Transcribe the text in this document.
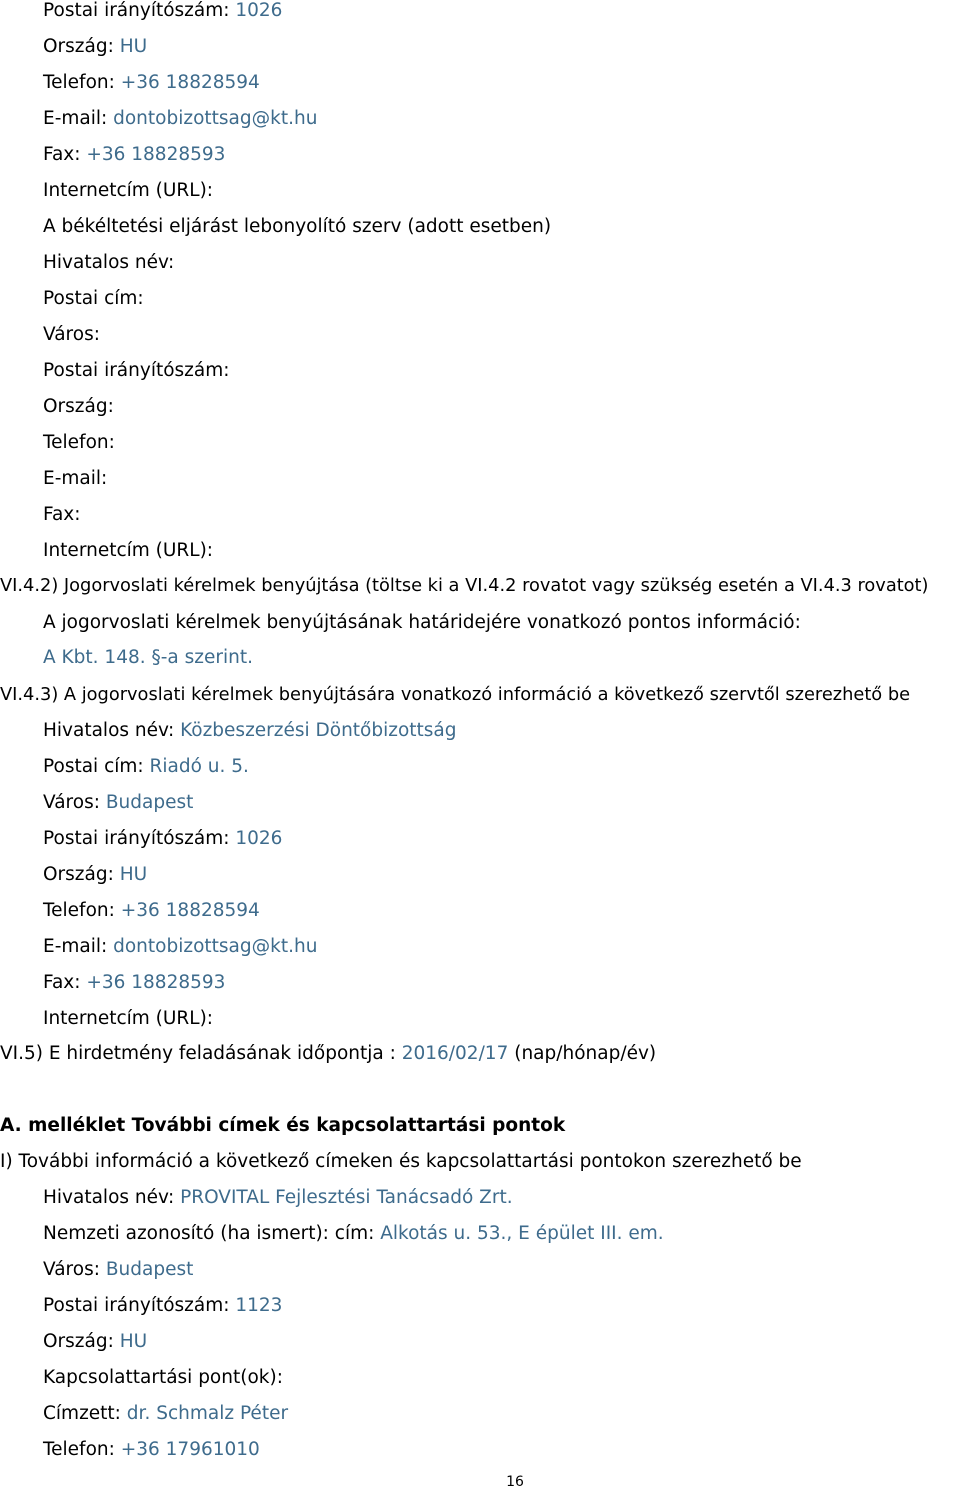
Postai irányítószám: 1026
Ország: HU
Telefon: +36 18828594
E-mail: dontobizottsag@kt.hu
Fax: +36 18828593
Internetcím (URL):
A békéltetési eljárást lebonyolító szerv (adott esetben)
Hivatalos név:
Postai cím:
Város:
Postai irányítószám:
Ország:
Telefon:
E-mail:
Fax:
Internetcím (URL):
VI.4.2) Jogorvoslati kérelmek benyújtása (töltse ki a VI.4.2 rovatot vagy szükség esetén a VI.4.3 rovatot)
A jogorvoslati kérelmek benyújtásának határidejére vonatkozó pontos információ:
A Kbt. 148. §-a szerint.
VI.4.3) A jogorvoslati kérelmek benyújtására vonatkozó információ a következő szervtől szerezhető be
Hivatalos név: Közbeszerzési Döntőbizottság
Postai cím: Riadó u. 5.
Város: Budapest
Postai irányítószám: 1026
Ország: HU
Telefon: +36 18828594
E-mail: dontobizottsag@kt.hu
Fax: +36 18828593
Internetcím (URL):
VI.5) E hirdetmény feladásának időpontja : 2016/02/17 (nap/hónap/év)
A. melléklet További címek és kapcsolattartási pontok
I) További információ a következő címeken és kapcsolattartási pontokon szerezhető be
Hivatalos név: PROVITAL Fejlesztési Tanácsadó Zrt.
Nemzeti azonosító (ha ismert): cím: Alkotás u. 53., E épület III. em.
Város: Budapest
Postai irányítószám: 1123
Ország: HU
Kapcsolattartási pont(ok):
Címzett: dr. Schmalz Péter
Telefon: +36 17961010
16
